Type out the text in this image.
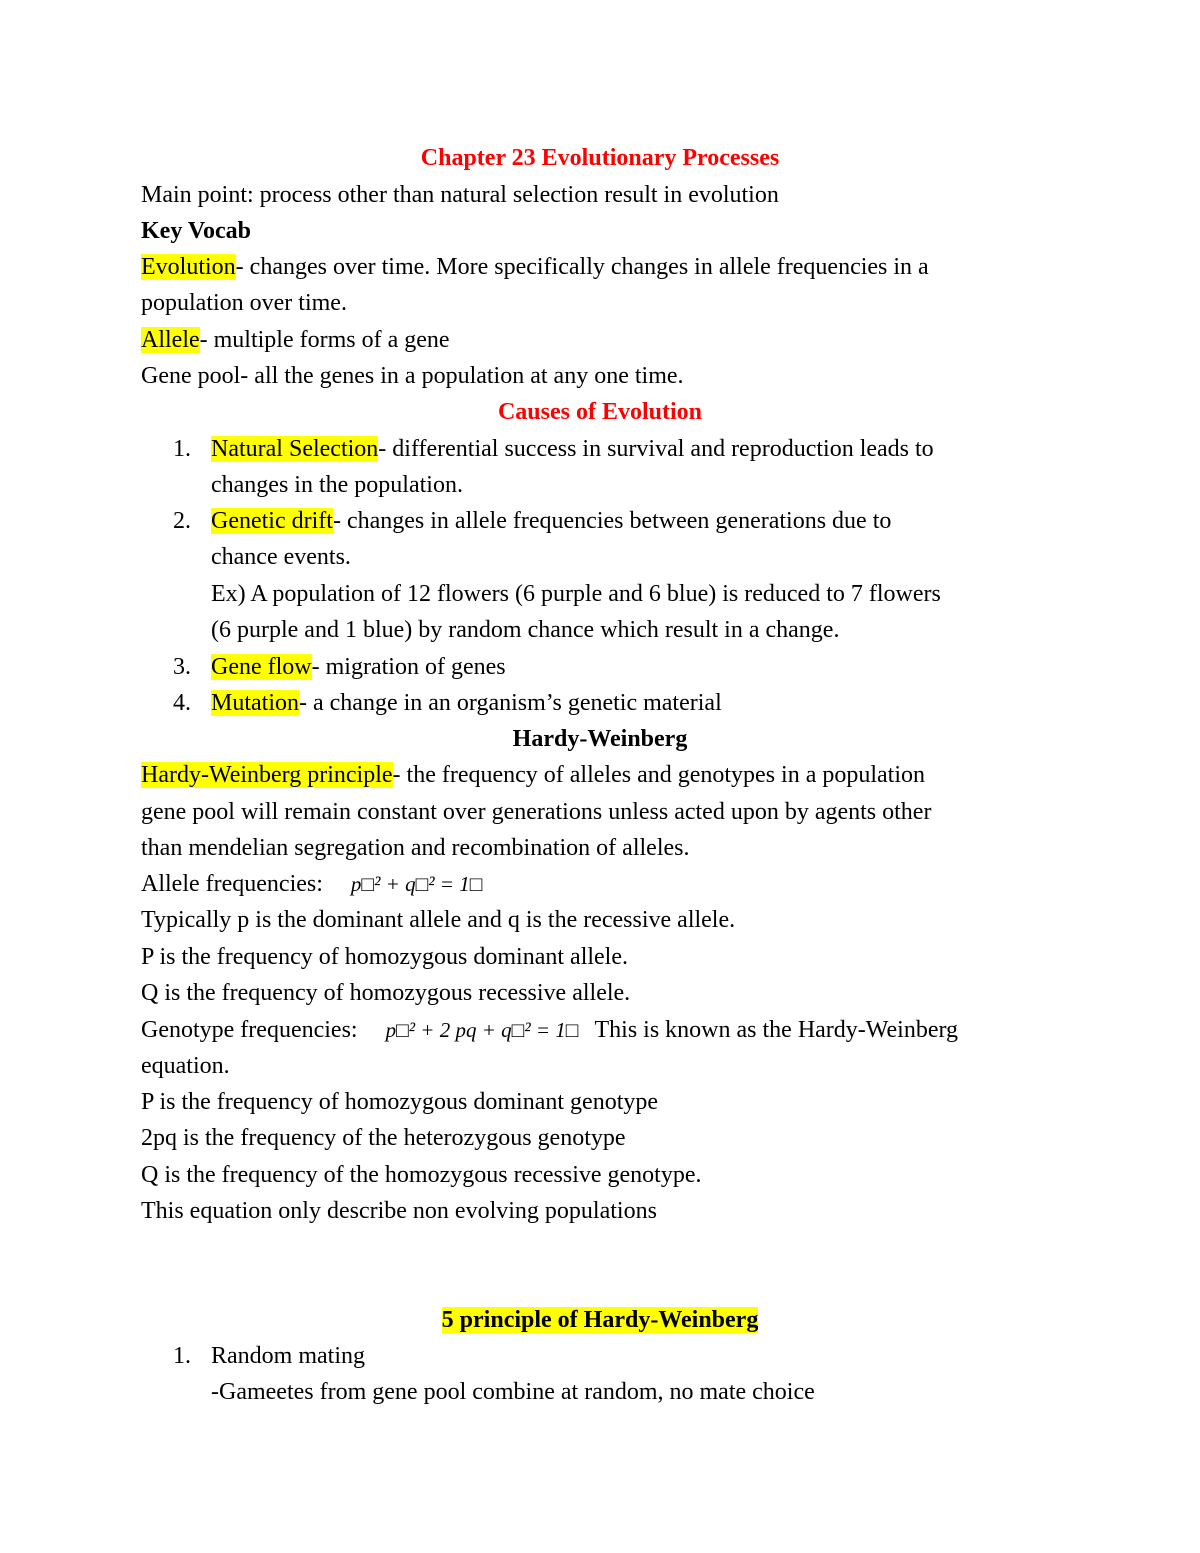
Chapter 23 Evolutionary Processes
Main point: process other than natural selection result in evolution
Key Vocab
Evolution- changes over time. More specifically changes in allele frequencies in a
population over time.
Allele- multiple forms of a gene
Gene pool- all the genes in a population at any one time.
Causes of Evolution
1. Natural Selection- differential success in survival and reproduction leads to
changes in the population.
2. Genetic drift- changes in allele frequencies between generations due to
chance events.
Ex) A population of 12 flowers (6 purple and 6 blue) is reduced to 7 flowers
(6 purple and 1 blue) by random chance which result in a change.
3. Gene flow- migration of genes
4. Mutation- a change in an organism’s genetic material
Hardy-Weinberg
Hardy-Weinberg principle- the frequency of alleles and genotypes in a population
gene pool will remain constant over generations unless acted upon by agents other
than mendelian segregation and recombination of alleles.
Allele frequencies: p□² + q□² = 1□
Typically p is the dominant allele and q is the recessive allele.
P is the frequency of homozygous dominant allele.
Q is the frequency of homozygous recessive allele.
Genotype frequencies: p□² + 2 pq + q□² = 1□ This is known as the Hardy-Weinberg
equation.
P is the frequency of homozygous dominant genotype
2pq is the frequency of the heterozygous genotype
Q is the frequency of the homozygous recessive genotype.
This equation only describe non evolving populations
5 principle of Hardy-Weinberg
1. Random mating
-Gameetes from gene pool combine at random, no mate choice
